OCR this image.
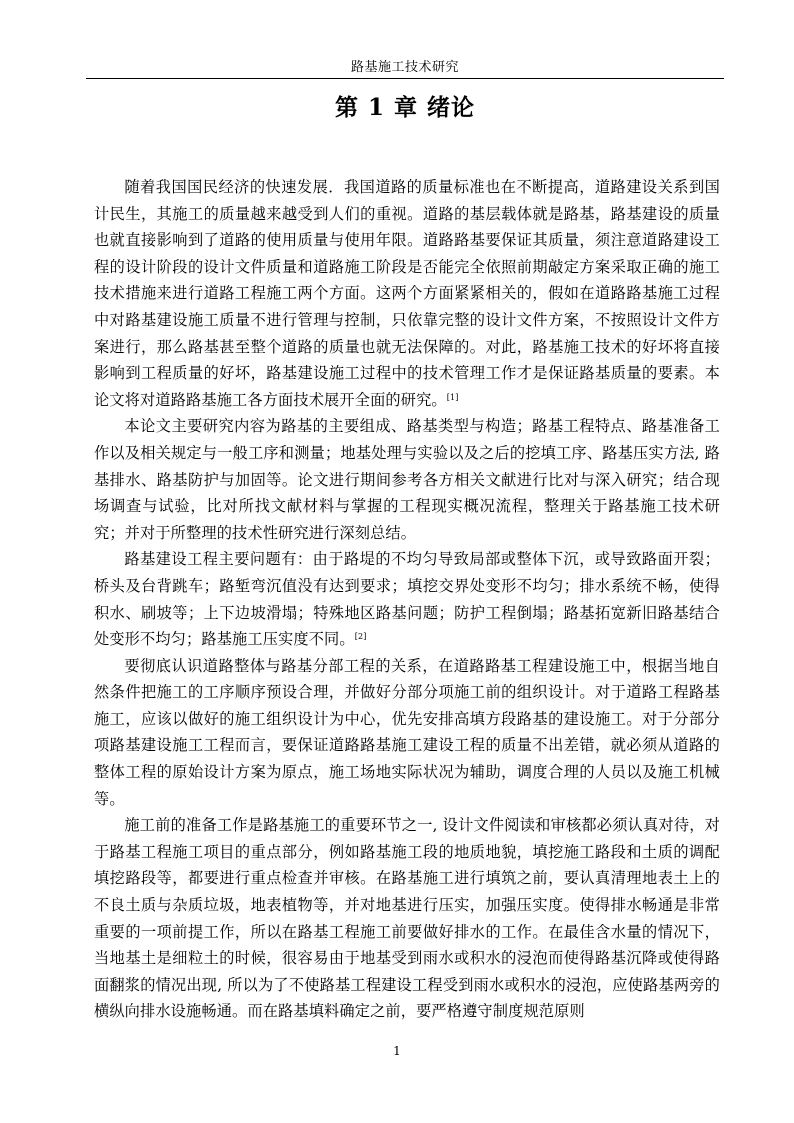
路基施工技术研究
第 1 章 绪论

随着我国国民经济的快速发展．我国道路的质量标准也在不断提高，道路建设关系到国计民生，其施工的质量越来越受到人们的重视。道路的基层载体就是路基，路基建设的质量也就直接影响到了道路的使用质量与使用年限。道路路基要保证其质量，须注意道路建设工程的设计阶段的设计文件质量和道路施工阶段是否能完全依照前期敲定方案采取正确的施工技术措施来进行道路工程施工两个方面。这两个方面紧紧相关的，假如在道路路基施工过程中对路基建设施工质量不进行管理与控制，只依靠完整的设计文件方案，不按照设计文件方案进行，那么路基甚至整个道路的质量也就无法保障的。对此，路基施工技术的好坏将直接影响到工程质量的好坏，路基建设施工过程中的技术管理工作才是保证路基质量的要素。本论文将对道路路基施工各方面技术展开全面的研究。[1]

本论文主要研究内容为路基的主要组成、路基类型与构造；路基工程特点、路基准备工作以及相关规定与一般工序和测量；地基处理与实验以及之后的挖填工序、路基压实方法, 路基排水、路基防护与加固等。论文进行期间参考各方相关文献进行比对与深入研究；结合现场调查与试验，比对所找文献材料与掌握的工程现实概况流程，整理关于路基施工技术研究；并对于所整理的技术性研究进行深刻总结。

路基建设工程主要问题有：由于路堤的不均匀导致局部或整体下沉，或导致路面开裂；桥头及台背跳车；路堑弯沉值没有达到要求；填挖交界处变形不均匀；排水系统不畅，使得积水、刷坡等；上下边坡滑塌；特殊地区路基问题；防护工程倒塌；路基拓宽新旧路基结合处变形不均匀；路基施工压实度不同。[2]

要彻底认识道路整体与路基分部工程的关系，在道路路基工程建设施工中，根据当地自然条件把施工的工序顺序预设合理，并做好分部分项施工前的组织设计。对于道路工程路基施工，应该以做好的施工组织设计为中心，优先安排高填方段路基的建设施工。对于分部分项路基建设施工工程而言，要保证道路路基施工建设工程的质量不出差错，就必须从道路的整体工程的原始设计方案为原点，施工场地实际状况为辅助，调度合理的人员以及施工机械等。

施工前的准备工作是路基施工的重要环节之一, 设计文件阅读和审核都必须认真对待，对于路基工程施工项目的重点部分，例如路基施工段的地质地貌，填挖施工路段和土质的调配填挖路段等，都要进行重点检查并审核。在路基施工进行填筑之前，要认真清理地表土上的不良土质与杂质垃圾，地表植物等，并对地基进行压实，加强压实度。使得排水畅通是非常重要的一项前提工作，所以在路基工程施工前要做好排水的工作。在最佳含水量的情况下，当地基土是细粒土的时候，很容易由于地基受到雨水或积水的浸泡而使得路基沉降或使得路面翻浆的情况出现, 所以为了不使路基工程建设工程受到雨水或积水的浸泡，应使路基两旁的横纵向排水设施畅通。而在路基填料确定之前，要严格遵守制度规范原则

1
